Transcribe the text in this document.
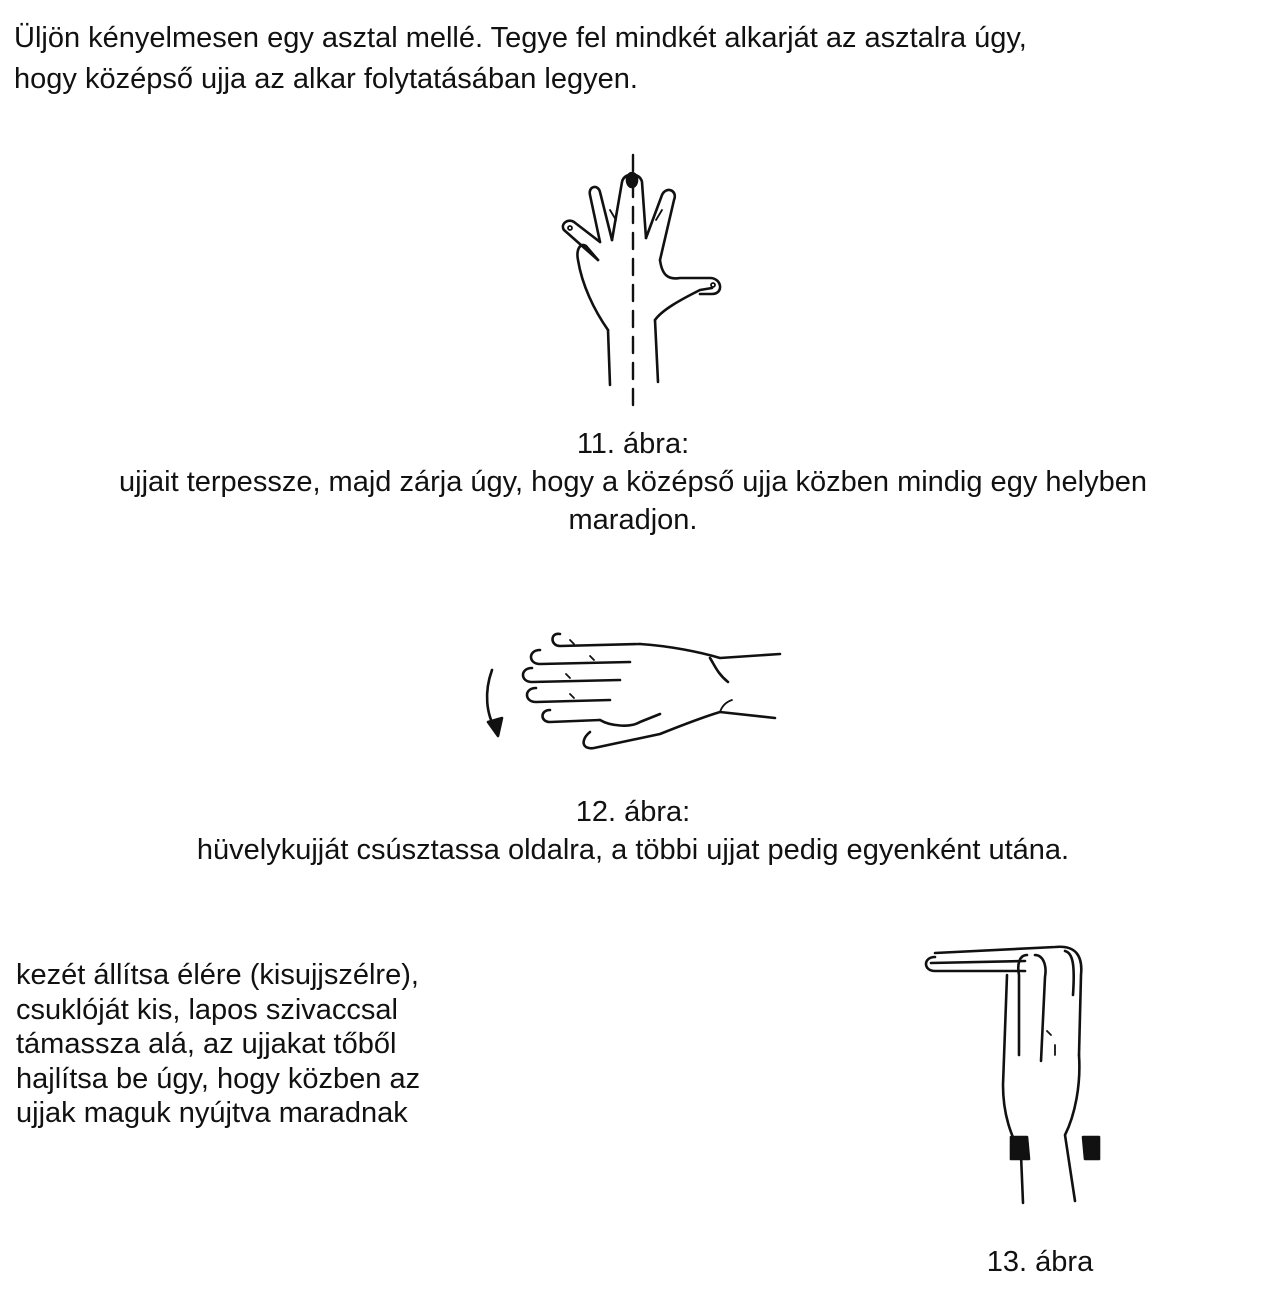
Üljön kényelmesen egy asztal mellé. Tegye fel mindkét alkarját az asztalra úgy,
hogy középső ujja az alkar folytatásában legyen.
11. ábra:
ujjait terpessze, majd zárja úgy, hogy a középső ujja közben mindig egy helyben
maradjon.
12. ábra:
hüvelykujját csúsztassa oldalra, a többi ujjat pedig egyenként utána.
kezét állítsa élére (kisujjszélre),
csuklóját kis, lapos szivaccsal
támassza alá, az ujjakat tőből
hajlítsa be úgy, hogy közben az
ujjak maguk nyújtva maradnak
13. ábra
